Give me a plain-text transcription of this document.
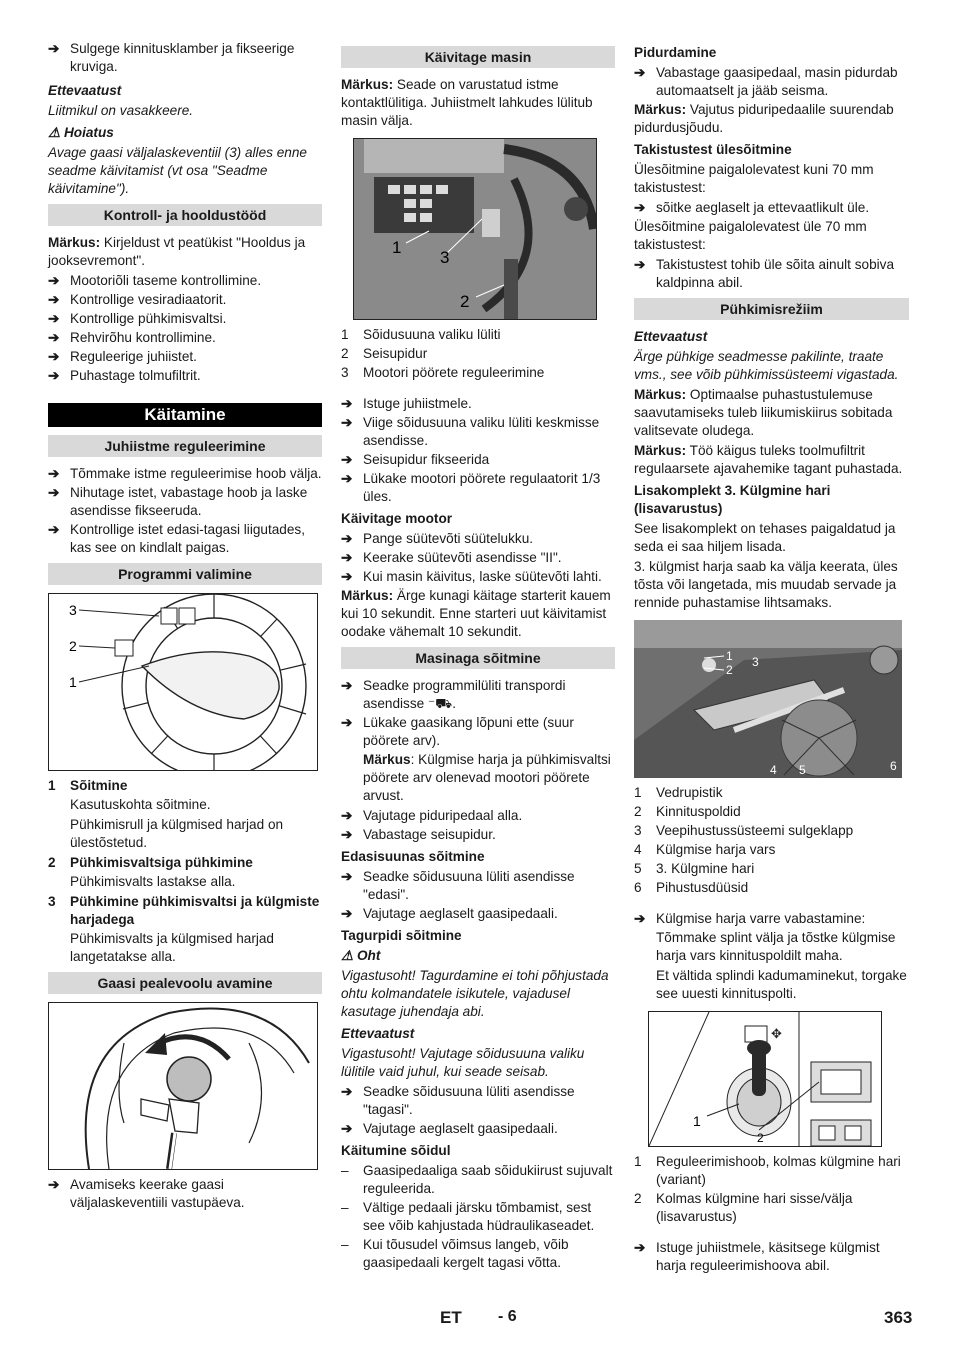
➔ Sulgege kinnitusklamber ja fikseerige kruviga.

Ettevaatust

Liitmikul on vasakkeere.

⚠ Hoiatus

Avage gaasi väljalaskeventiil (3) alles enne seadme käivitamist (vt osa "Seadme käivitamine").

Kontroll- ja hooldustööd

Märkus: Kirjeldust vt peatükist "Hooldus ja jooksevremont".

➔ Mootoriõli taseme kontrollimine.
➔ Kontrollige vesiradiaatorit.
➔ Kontrollige pühkimisvaltsi.
➔ Rehvirõhu kontrollimine.
➔ Reguleerige juhiistet.
➔ Puhastage tolmufiltrit.
Käitamine
Juhiistme reguleerimine
➔ Tõmmake istme reguleerimise hoob välja.
➔ Nihutage istet, vabastage hoob ja laske asendisse fikseeruda.
➔ Kontrollige istet edasi-tagasi liigutades, kas see on kindlalt paigas.
Programmi valimine
3
2
1
1 Sõitmine

Kasutuskohta sõitmine.

Pühkimisrull ja külgmised harjad on ülestõstetud.

2 Pühkimisvaltsiga pühkimine

Pühkimisvalts lastakse alla.

3 Pühkimine pühkimisvaltsi ja külgmiste harjadega

Pühkimisvalts ja külgmised harjad langetatakse alla.

Gaasi pealevoolu avamine
➔ Avamiseks keerake gaasi väljalaskeventiili vastupäeva.
Käivitage masin

Märkus: Seade on varustatud istme kontaktlülitiga. Juhiistmelt lahkudes lülitub masin välja.

1
3
2
1 Sõidusuuna valiku lüliti
2 Seisupidur
3 Mootori pöörete reguleerimine
➔ Istuge juhiistmele.
➔ Viige sõidusuuna valiku lüliti keskmisse asendisse.
➔ Seisupidur fikseerida
➔ Lükake mootori pöörete regulaatorit 1/3 üles.

Käivitage mootor

➔ Pange süütevõti süütelukku.
➔ Keerake süütevõti asendisse "II".
➔ Kui masin käivitus, laske süütevõti lahti.

Märkus: Ärge kunagi käitage starterit kauem kui 10 sekundit. Enne starteri uut käivitamist oodake vähemalt 10 sekundit.

Masinaga sõitmine
➔ Seadke programmilüliti transpordi asendisse ⁻⛟.
➔ Lükake gaasikang lõpuni ette (suur pöörete arv).

Märkus: Külgmise harja ja pühkimisvaltsi pöörete arv olenevad mootori pöörete arvust.

➔ Vajutage piduripedaal alla.
➔ Vabastage seisupidur.

Edasisuunas sõitmine

➔ Seadke sõidusuuna lüliti asendisse "edasi".
➔ Vajutage aeglaselt gaasipedaali.

Tagurpidi sõitmine

⚠ Oht

Vigastusoht! Tagurdamine ei tohi põhjustada ohtu kolmandatele isikutele, vajadusel kasutage juhendaja abi.

Ettevaatust

Vigastusoht! Vajutage sõidusuuna valiku lülitile vaid juhul, kui seade seisab.

➔ Seadke sõidusuuna lüliti asendisse "tagasi".
➔ Vajutage aeglaselt gaasipedaali.

Käitumine sõidul

– Gaasipedaaliga saab sõidukiirust sujuvalt reguleerida.
– Vältige pedaali järsku tõmbamist, sest see võib kahjustada hüdraulikaseadet.
– Kui tõusudel võimsus langeb, võib gaasipedaali kergelt tagasi võtta.

Pidurdamine

➔ Vabastage gaasipedaal, masin pidurdab automaatselt ja jääb seisma.

Märkus: Vajutus piduripedaalile suurendab pidurdusjõudu.

Takistustest ülesõitmine

Ülesõitmine paigalolevatest kuni 70 mm takistustest:

➔ sõitke aeglaselt ja ettevaatlikult üle.

Ülesõitmine paigalolevatest üle 70 mm takistustest:

➔ Takistustest tohib üle sõita ainult sobiva kaldpinna abil.
Pühkimisrežiim

Ettevaatust

Ärge pühkige seadmesse pakilinte, traate vms., see võib pühkimissüsteemi vigastada.

Märkus: Optimaalse puhastustulemuse saavutamiseks tuleb liikumiskiirus sobitada valitsevate oludega.

Märkus: Töö käigus tuleks toolmufiltrit regulaarsete ajavahemike tagant puhastada.

Lisakomplekt 3. Külgmine hari (lisavarustus)

See lisakomplekt on tehases paigaldatud ja seda ei saa hiljem lisada.

3. külgmist harja saab ka välja keerata, üles tõsta või langetada, mis muudab servade ja rennide puhastamise lihtsamaks.

1
2
3
4 5	6
1 Vedrupistik
2 Kinnituspoldid
3 Veepihustussüsteemi sulgeklapp
4 Külgmise harja vars
5 3. Külgmine hari
6 Pihustusdüüsid
➔ Külgmise harja varre vabastamine:

Tõmmake splint välja ja tõstke külgmise harja vars kinnituspoldilt maha.

Et vältida splindi kadumaminekut, torgake see uuesti kinnituspolti.

✥
1
2
1 Reguleerimishoob, kolmas külgmine hari (variant)
2 Kolmas külgmine hari sisse/välja (lisavarustus)
➔ Istuge juhiistmele, käsitsege külgmist harja reguleerimishoova abil.
ET - 6	363
